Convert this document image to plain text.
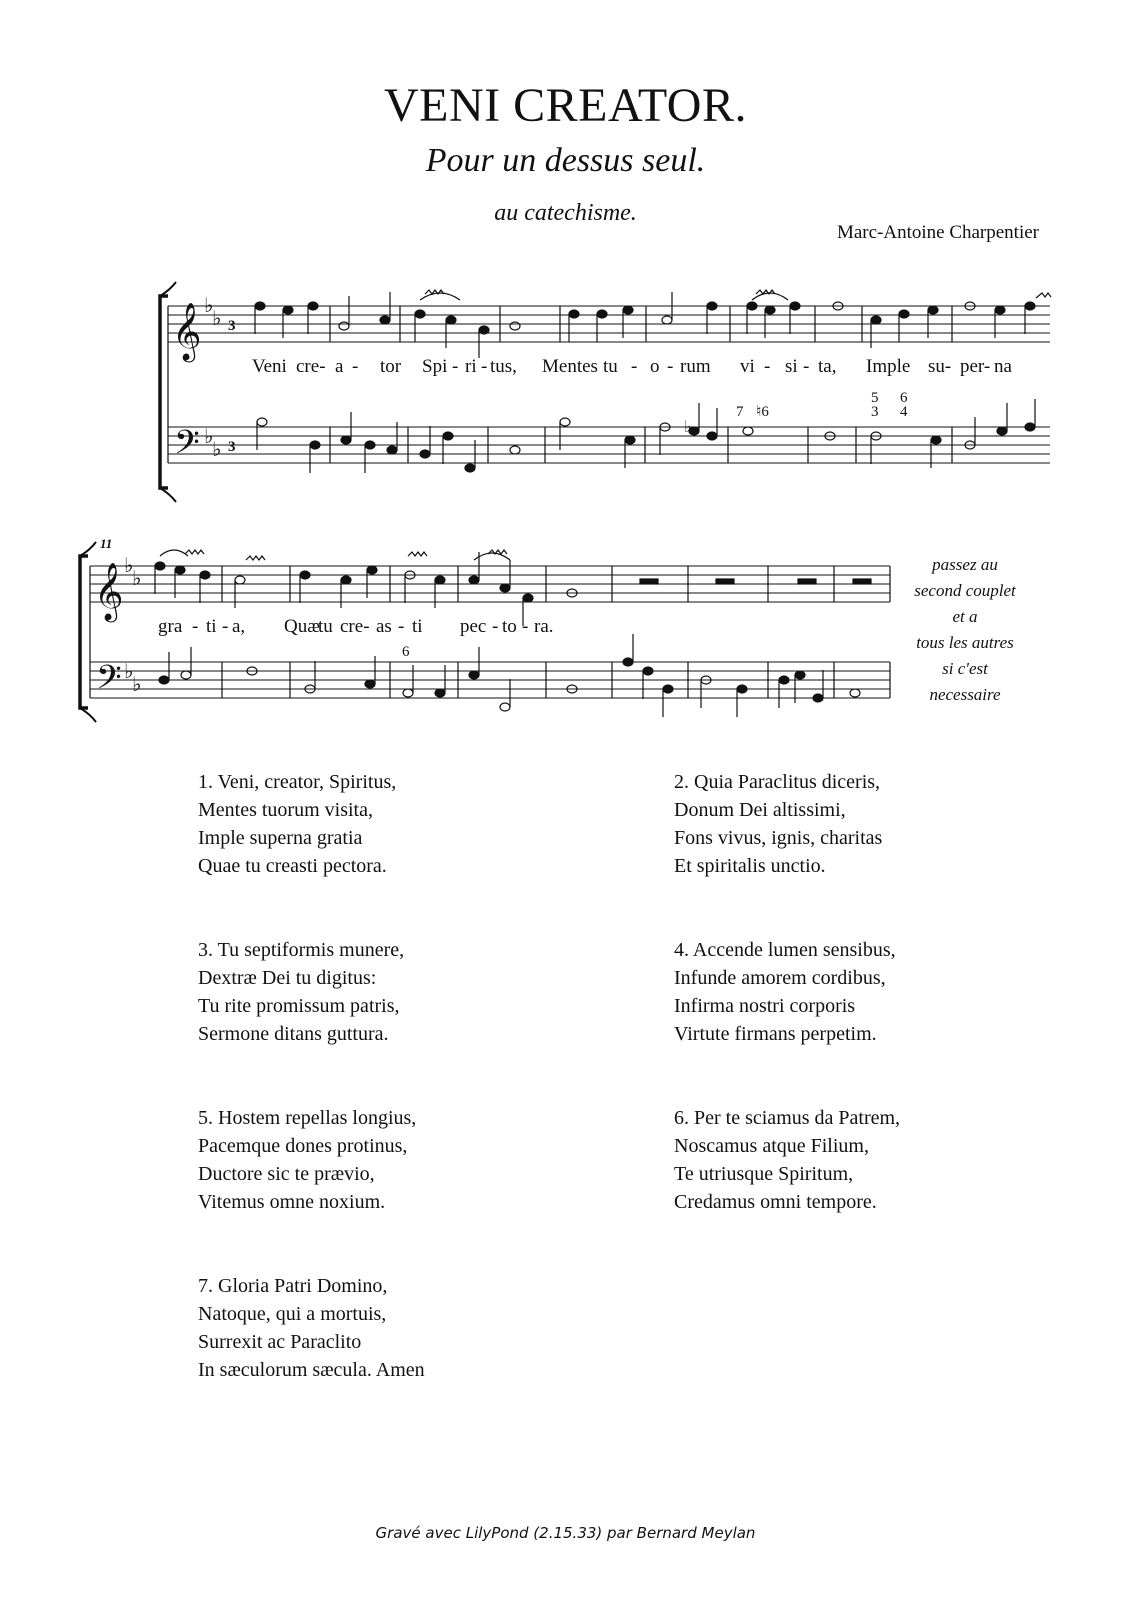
VENI CREATOR.
Pour un dessus seul.
au catechisme.
Marc-Antoine Charpentier
𝄞
𝄢
♭
♭
♭
♭
3
3
♭
Veni cre- a - tor Spi - ri - tus, Mentes tu - o - rum vi - si - ta, Imple su- per- na
7 ♮6
5
3
6
4
11
𝄞
𝄢
♭
♭
♭
♭
gra - ti - a, Quæ
tu cre- as - ti pec - to - ra.
6
passez au
second couplet
et a
tous les autres
si c'est
necessaire
1. Veni, creator, Spiritus,
Mentes tuorum visita,
Imple superna gratia
Quae tu creasti pectora.
2. Quia Paraclitus diceris,
Donum Dei altissimi,
Fons vivus, ignis, charitas
Et spiritalis unctio.
3. Tu septiformis munere,
Dextræ Dei tu digitus:
Tu rite promissum patris,
Sermone ditans guttura.
4. Accende lumen sensibus,
Infunde amorem cordibus,
Infirma nostri corporis
Virtute firmans perpetim.
5. Hostem repellas longius,
Pacemque dones protinus,
Ductore sic te prævio,
Vitemus omne noxium.
6. Per te sciamus da Patrem,
Noscamus atque Filium,
Te utriusque Spiritum,
Credamus omni tempore.
7. Gloria Patri Domino,
Natoque, qui a mortuis,
Surrexit ac Paraclito
In sæculorum sæcula. Amen
Gravé avec LilyPond (2.15.33) par Bernard Meylan
